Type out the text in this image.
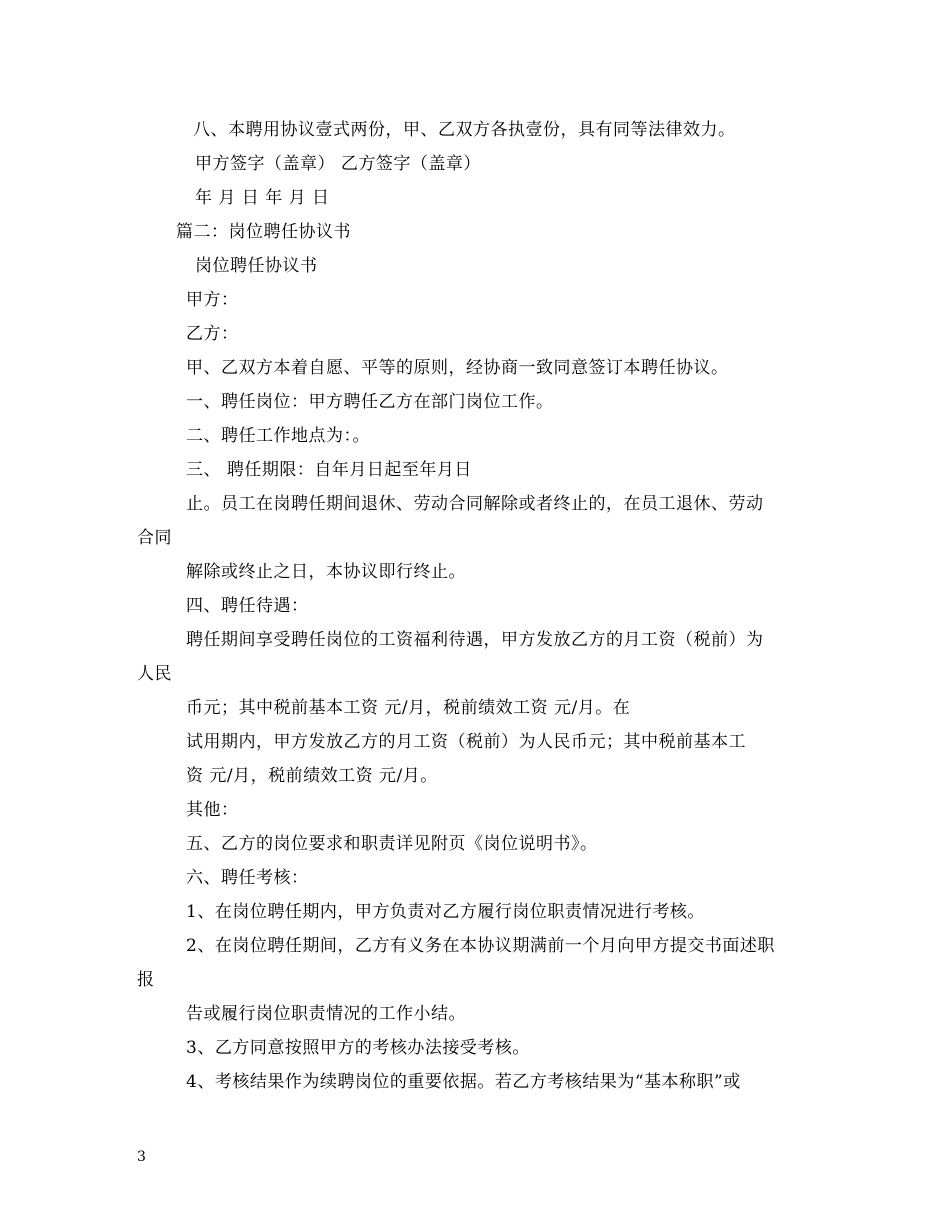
八、本聘用协议壹式两份，甲、乙双方各执壹份，具有同等法律效力。
甲方签字（盖章） 乙方签字（盖章）
年 月 日 年 月 日
篇二：岗位聘任协议书
岗位聘任协议书
甲方：
乙方：
甲、乙双方本着自愿、平等的原则，经协商一致同意签订本聘任协议。
一、聘任岗位：甲方聘任乙方在部门岗位工作。
二、聘任工作地点为：。
三、 聘任期限：自年月日起至年月日
止。员工在岗聘任期间退休、劳动合同解除或者终止的，在员工退休、劳动
合同
解除或终止之日，本协议即行终止。
四、聘任待遇：
聘任期间享受聘任岗位的工资福利待遇，甲方发放乙方的月工资（税前）为
人民
币元；其中税前基本工资 元/月，税前绩效工资 元/月。在
试用期内，甲方发放乙方的月工资（税前）为人民币元；其中税前基本工
资 元/月，税前绩效工资 元/月。
其他：
五、乙方的岗位要求和职责详见附页《岗位说明书》。
六、聘任考核：
1、在岗位聘任期内，甲方负责对乙方履行岗位职责情况进行考核。
2、在岗位聘任期间，乙方有义务在本协议期满前一个月向甲方提交书面述职
报
告或履行岗位职责情况的工作小结。
3、乙方同意按照甲方的考核办法接受考核。
4、考核结果作为续聘岗位的重要依据。若乙方考核结果为“基本称职”或
3
